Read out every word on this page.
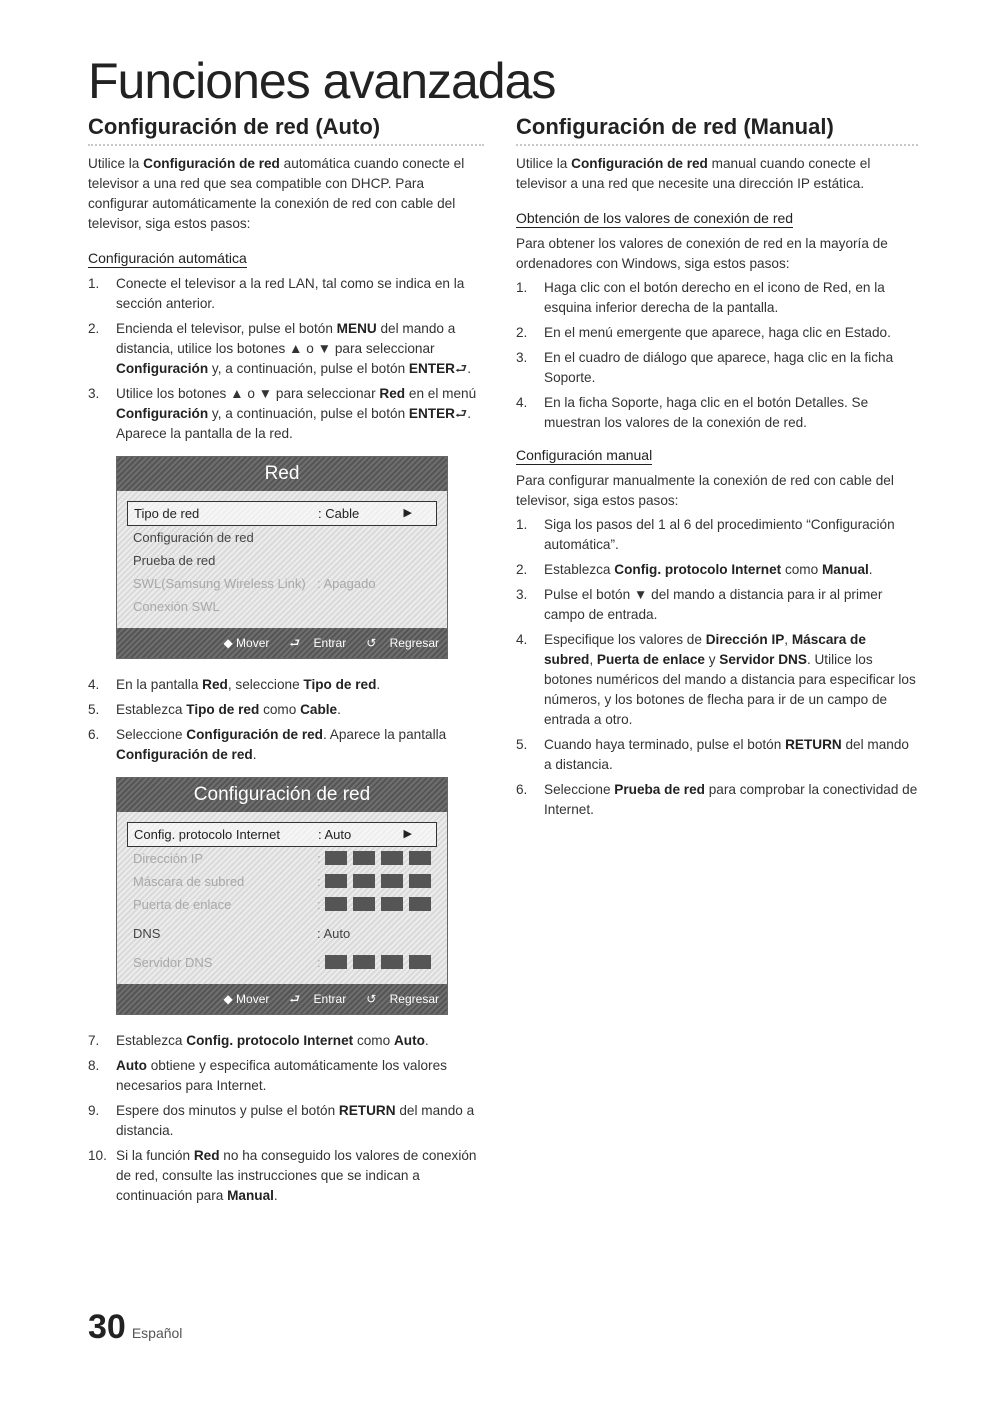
Funciones avanzadas
Configuración de red (Auto)

Utilice la Configuración de red automática cuando conecte el televisor a una red que sea compatible con DHCP. Para configurar automáticamente la conexión de red con cable del televisor, siga estos pasos:

Configuración automática
1. Conecte el televisor a la red LAN, tal como se indica en la sección anterior.
2. Encienda el televisor, pulse el botón MENU del mando a distancia, utilice los botones ▲ o ▼ para seleccionar Configuración y, a continuación, pulse el botón ENTER⮐.
3. Utilice los botones ▲ o ▼ para seleccionar Red en el menú Configuración y, a continuación, pulse el botón ENTER⮐. Aparece la pantalla de la red.
Red
Tipo de red	: Cable	▶
Configuración de red
Prueba de red
SWL(Samsung Wireless Link) : Apagado
Conexión SWL
◆ Mover ⮐ Entrar ↺ Regresar
4. En la pantalla Red, seleccione Tipo de red.
5. Establezca Tipo de red como Cable.
6. Seleccione Configuración de red. Aparece la pantalla Configuración de red.
Configuración de red
Config. protocolo Internet	: Auto	▶
Dirección IP	:
Máscara de subred	:
Puerta de enlace	:
DNS	: Auto
Servidor DNS	:
◆ Mover ⮐ Entrar ↺ Regresar
7. Establezca Config. protocolo Internet como Auto.
8. Auto obtiene y especifica automáticamente los valores necesarios para Internet.
9. Espere dos minutos y pulse el botón RETURN del mando a distancia.
10. Si la función Red no ha conseguido los valores de conexión de red, consulte las instrucciones que se indican a continuación para Manual.
Configuración de red (Manual)

Utilice la Configuración de red manual cuando conecte el televisor a una red que necesite una dirección IP estática.

Obtención de los valores de conexión de red

Para obtener los valores de conexión de red en la mayoría de ordenadores con Windows, siga estos pasos:

1. Haga clic con el botón derecho en el icono de Red, en la esquina inferior derecha de la pantalla.
2. En el menú emergente que aparece, haga clic en Estado.
3. En el cuadro de diálogo que aparece, haga clic en la ficha Soporte.
4. En la ficha Soporte, haga clic en el botón Detalles. Se muestran los valores de la conexión de red.
Configuración manual

Para configurar manualmente la conexión de red con cable del televisor, siga estos pasos:

1. Siga los pasos del 1 al 6 del procedimiento “Configuración automática”.
2. Establezca Config. protocolo Internet como Manual.
3. Pulse el botón ▼ del mando a distancia para ir al primer campo de entrada.
4. Especifique los valores de Dirección IP, Máscara de subred, Puerta de enlace y Servidor DNS. Utilice los botones numéricos del mando a distancia para especificar los números, y los botones de flecha para ir de un campo de entrada a otro.
5. Cuando haya terminado, pulse el botón RETURN del mando a distancia.
6. Seleccione Prueba de red para comprobar la conectividad de Internet.
30 Español
